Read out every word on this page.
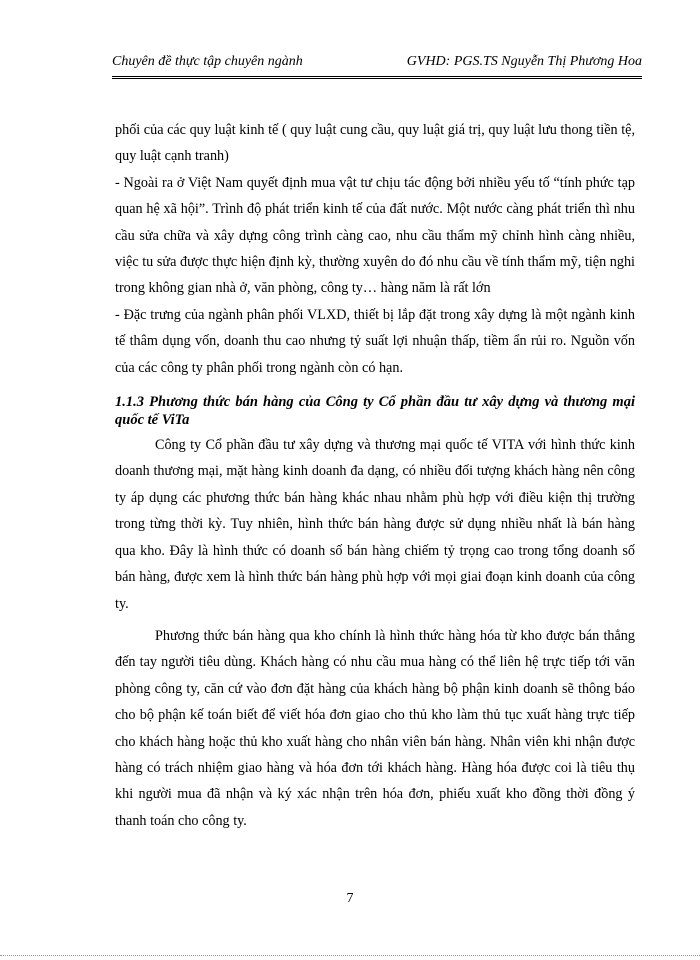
Chuyên đề thực tập chuyên ngành	GVHD: PGS.TS Nguyễn Thị Phương Hoa

phối của các quy luật kinh tế ( quy luật cung cầu, quy luật giá trị, quy luật lưu thong tiền tệ, quy luật cạnh tranh)

- Ngoài ra ở Việt Nam quyết định mua vật tư chịu tác động bởi nhiều yếu tố “tính phức tạp quan hệ xã hội”. Trình độ phát triển kinh tế của đất nước. Một nước càng phát triển thì nhu cầu sửa chữa và xây dựng công trình càng cao, nhu cầu thẩm mỹ chỉnh hình càng nhiều, việc tu sửa được thực hiện định kỳ, thường xuyên do đó nhu cầu về tính thẩm mỹ, tiện nghi trong không gian nhà ở, văn phòng, công ty… hàng năm là rất lớn

- Đặc trưng của ngành phân phối VLXD, thiết bị lắp đặt trong xây dựng là một ngành kinh tế thâm dụng vốn, doanh thu cao nhưng tỷ suất lợi nhuận thấp, tiềm ẩn rủi ro. Nguồn vốn của các công ty phân phối trong ngành còn có hạn.

1.1.3 Phương thức bán hàng của Công ty Cổ phần đầu tư xây dựng và thương mại quốc tế ViTa

Công ty Cổ phần đầu tư xây dựng và thương mại quốc tế VITA với hình thức kinh doanh thương mại, mặt hàng kinh doanh đa dạng, có nhiều đối tượng khách hàng nên công ty áp dụng các phương thức bán hàng khác nhau nhằm phù hợp với điều kiện thị trường trong từng thời kỳ. Tuy nhiên, hình thức bán hàng được sử dụng nhiều nhất là bán hàng qua kho. Đây là hình thức có doanh số bán hàng chiếm tỷ trọng cao trong tổng doanh số bán hàng, được xem là hình thức bán hàng phù hợp với mọi giai đoạn kinh doanh của công ty.

Phương thức bán hàng qua kho chính là hình thức hàng hóa từ kho được bán thẳng đến tay người tiêu dùng. Khách hàng có nhu cầu mua hàng có thể liên hệ trực tiếp tới văn phòng công ty, căn cứ vào đơn đặt hàng của khách hàng bộ phận kinh doanh sẽ thông báo cho bộ phận kế toán biết để viết hóa đơn giao cho thủ kho làm thủ tục xuất hàng trực tiếp cho khách hàng hoặc thủ kho xuất hàng cho nhân viên bán hàng. Nhân viên khi nhận được hàng có trách nhiệm giao hàng và hóa đơn tới khách hàng. Hàng hóa được coi là tiêu thụ khi người mua đã nhận và ký xác nhận trên hóa đơn, phiếu xuất kho đồng thời đồng ý thanh toán cho công ty.

7
